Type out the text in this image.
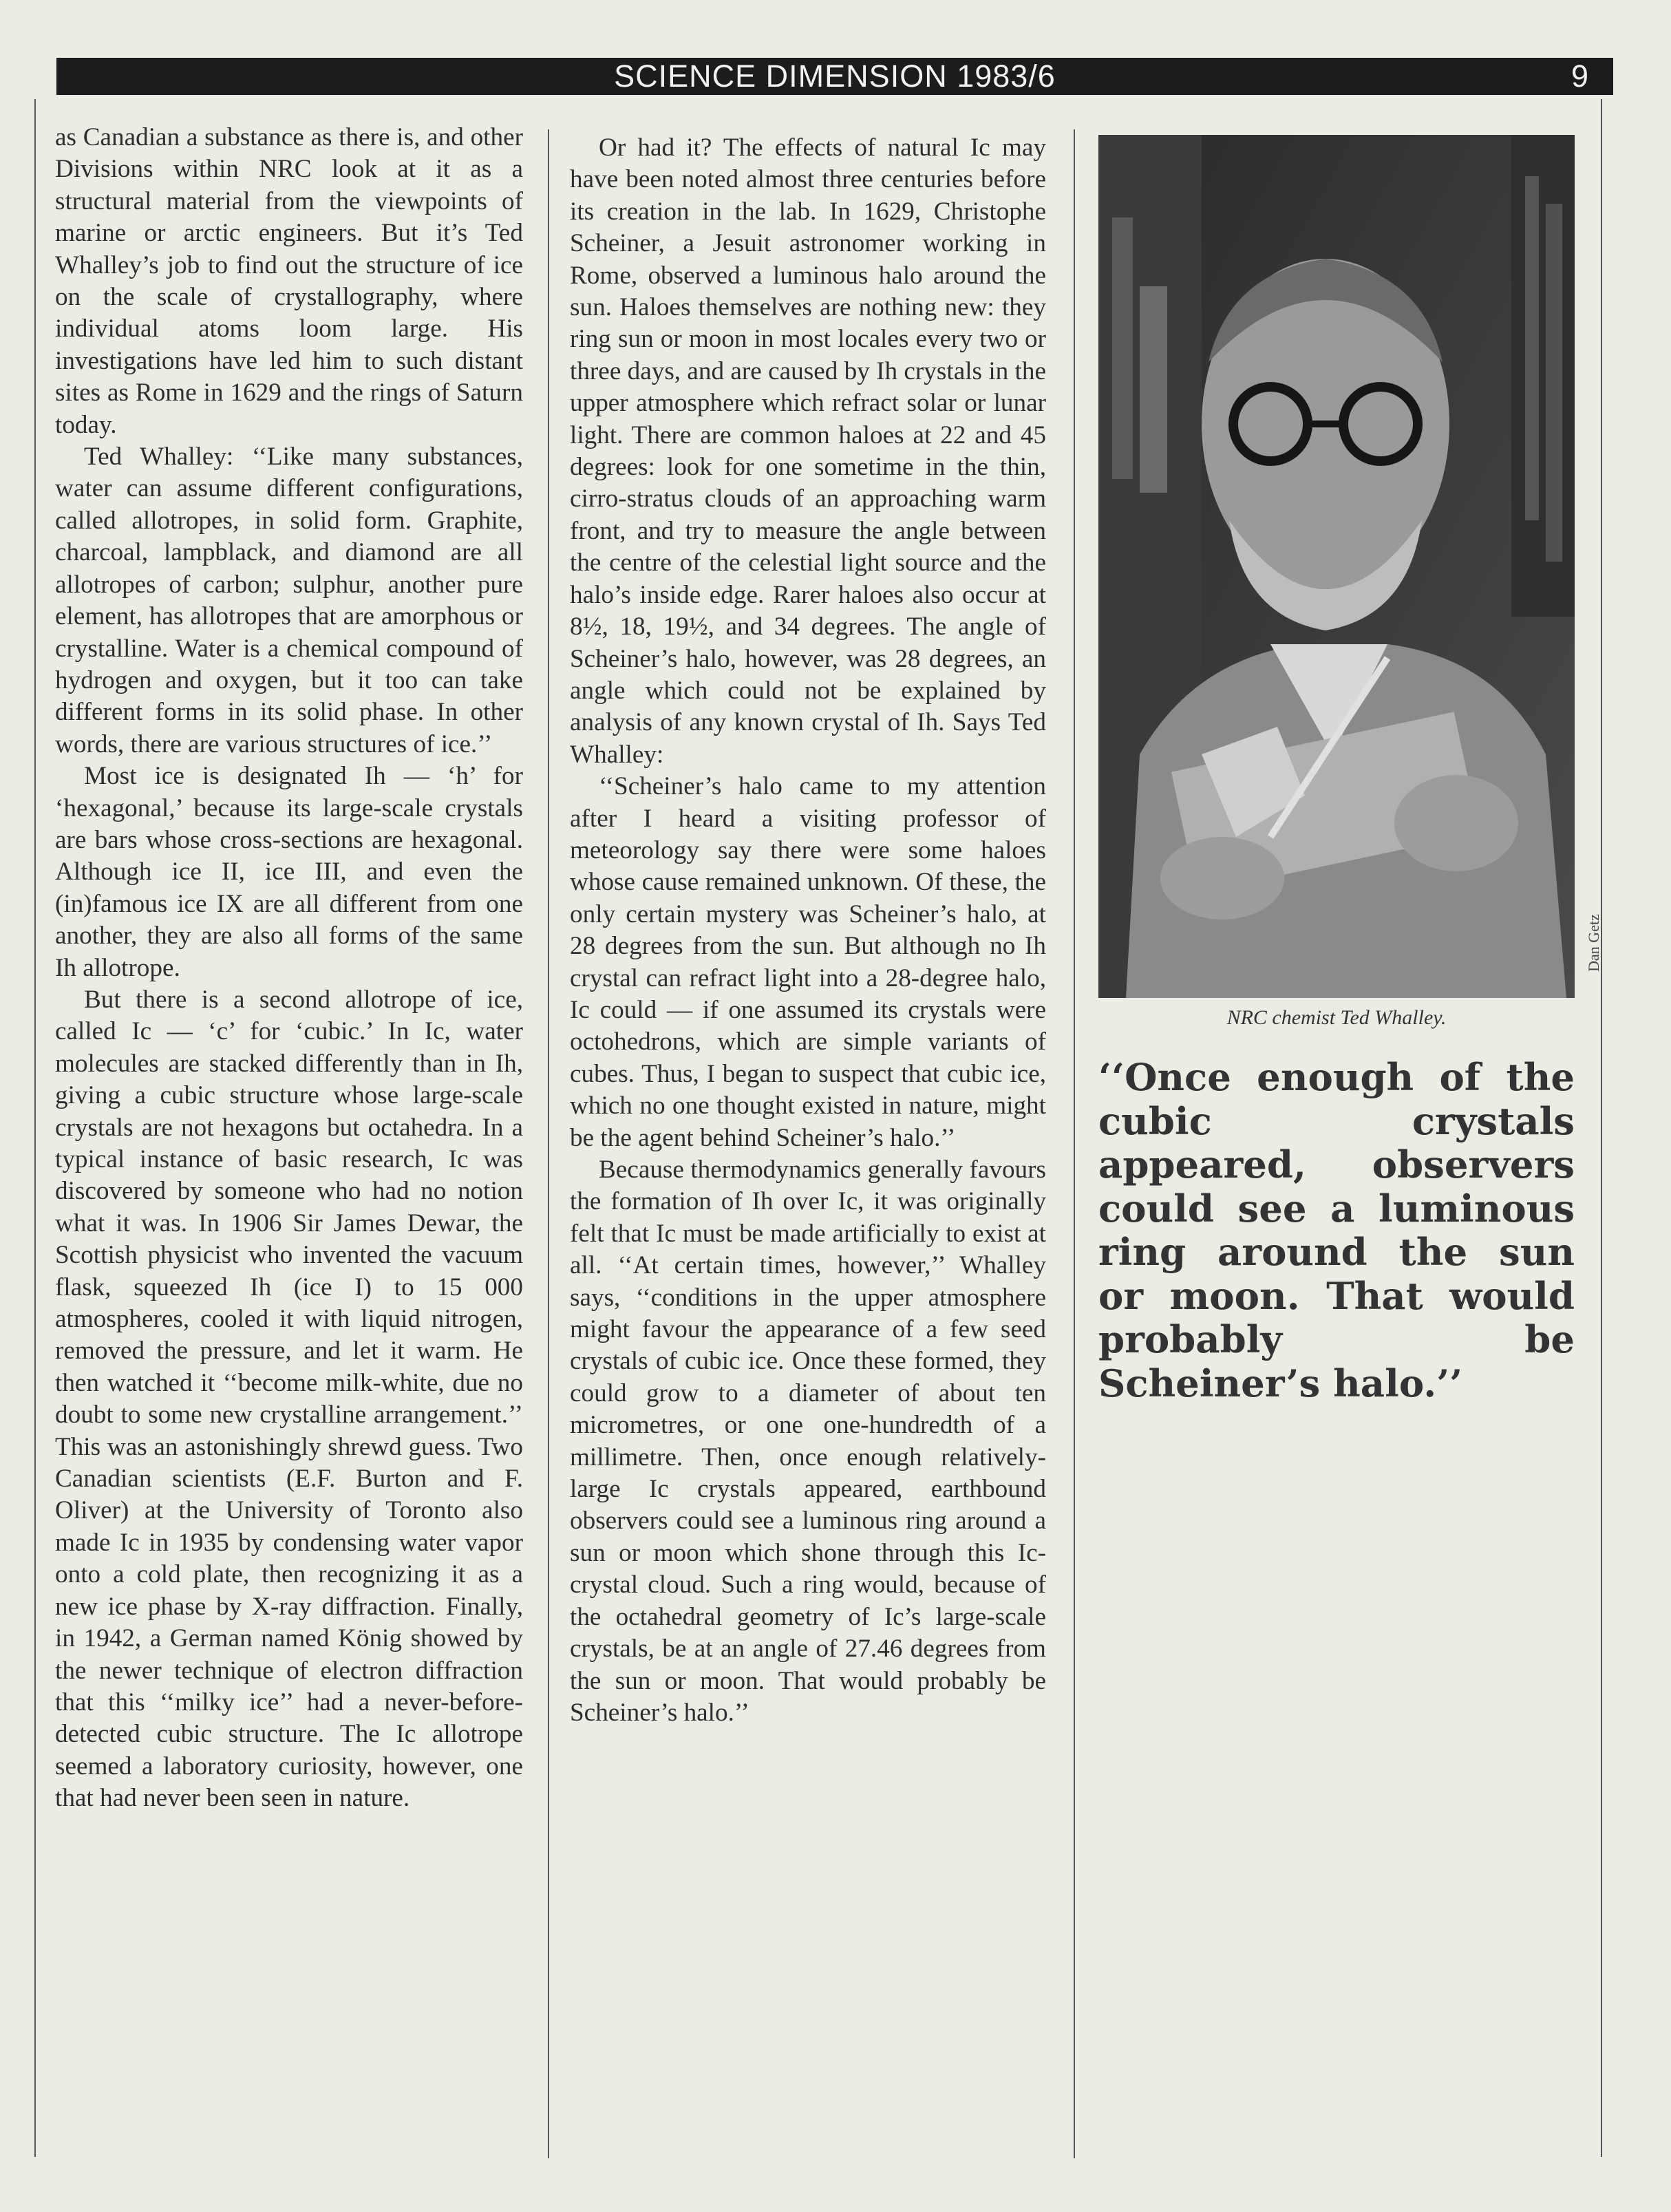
SCIENCE DIMENSION 1983/6	9

as Canadian a substance as there is, and other Divisions within NRC look at it as a structural material from the viewpoints of marine or arctic engineers. But it’s Ted Whalley’s job to find out the structure of ice on the scale of crystallography, where individual atoms loom large. His investigations have led him to such distant sites as Rome in 1629 and the rings of Saturn today.

Ted Whalley: ‘‘Like many substances, water can assume different configurations, called allotropes, in solid form. Graphite, charcoal, lampblack, and diamond are all allotropes of carbon; sulphur, another pure element, has allotropes that are amorphous or crystalline. Water is a chemical compound of hydrogen and oxygen, but it too can take different forms in its solid phase. In other words, there are various structures of ice.’’

Most ice is designated Ih — ‘h’ for ‘hexagonal,’ because its large-scale crystals are bars whose cross-sections are hexagonal. Although ice II, ice III, and even the (in)famous ice IX are all different from one another, they are also all forms of the same Ih allotrope.

But there is a second allotrope of ice, called Ic — ‘c’ for ‘cubic.’ In Ic, water molecules are stacked differently than in Ih, giving a cubic structure whose large-scale crystals are not hexagons but octahedra. In a typical instance of basic research, Ic was discovered by someone who had no notion what it was. In 1906 Sir James Dewar, the Scottish physicist who invented the vacuum flask, squeezed Ih (ice I) to 15 000 atmospheres, cooled it with liquid nitrogen, removed the pressure, and let it warm. He then watched it ‘‘become milk-white, due no doubt to some new crystalline arrangement.’’ This was an astonishingly shrewd guess. Two Canadian scientists (E.F. Burton and F. Oliver) at the University of Toronto also made Ic in 1935 by condensing water vapor onto a cold plate, then recognizing it as a new ice phase by X-ray diffraction. Finally, in 1942, a German named König showed by the newer technique of electron diffraction that this ‘‘milky ice’’ had a never-before-detected cubic structure. The Ic allotrope seemed a laboratory curiosity, however, one that had never been seen in nature.

Or had it? The effects of natural Ic may have been noted almost three centuries before its creation in the lab. In 1629, Christophe Scheiner, a Jesuit astronomer working in Rome, observed a luminous halo around the sun. Haloes themselves are nothing new: they ring sun or moon in most locales every two or three days, and are caused by Ih crystals in the upper atmosphere which refract solar or lunar light. There are common haloes at 22 and 45 degrees: look for one sometime in the thin, cirro-stratus clouds of an approaching warm front, and try to measure the angle between the centre of the celestial light source and the halo’s inside edge. Rarer haloes also occur at 8½, 18, 19½, and 34 degrees. The angle of Scheiner’s halo, however, was 28 degrees, an angle which could not be explained by analysis of any known crystal of Ih. Says Ted Whalley:

‘‘Scheiner’s halo came to my attention after I heard a visiting professor of meteorology say there were some haloes whose cause remained unknown. Of these, the only certain mystery was Scheiner’s halo, at 28 degrees from the sun. But although no Ih crystal can refract light into a 28-degree halo, Ic could — if one assumed its crystals were octohedrons, which are simple variants of cubes. Thus, I began to suspect that cubic ice, which no one thought existed in nature, might be the agent behind Scheiner’s halo.’’

Because thermodynamics generally favours the formation of Ih over Ic, it was originally felt that Ic must be made artificially to exist at all. ‘‘At certain times, however,’’ Whalley says, ‘‘conditions in the upper atmosphere might favour the appearance of a few seed crystals of cubic ice. Once these formed, they could grow to a diameter of about ten micrometres, or one one-hundredth of a millimetre. Then, once enough relatively-large Ic crystals appeared, earthbound observers could see a luminous ring around a sun or moon which shone through this Ic-crystal cloud. Such a ring would, because of the octahedral geometry of Ic’s large-scale crystals, be at an angle of 27.46 degrees from the sun or moon. That would probably be Scheiner’s halo.’’

Dan Getz
NRC chemist Ted Whalley.
‘‘Once enough of the cubic crystals appeared, observers could see a luminous ring around the sun or moon. That would probably be Scheiner’s halo.’’
